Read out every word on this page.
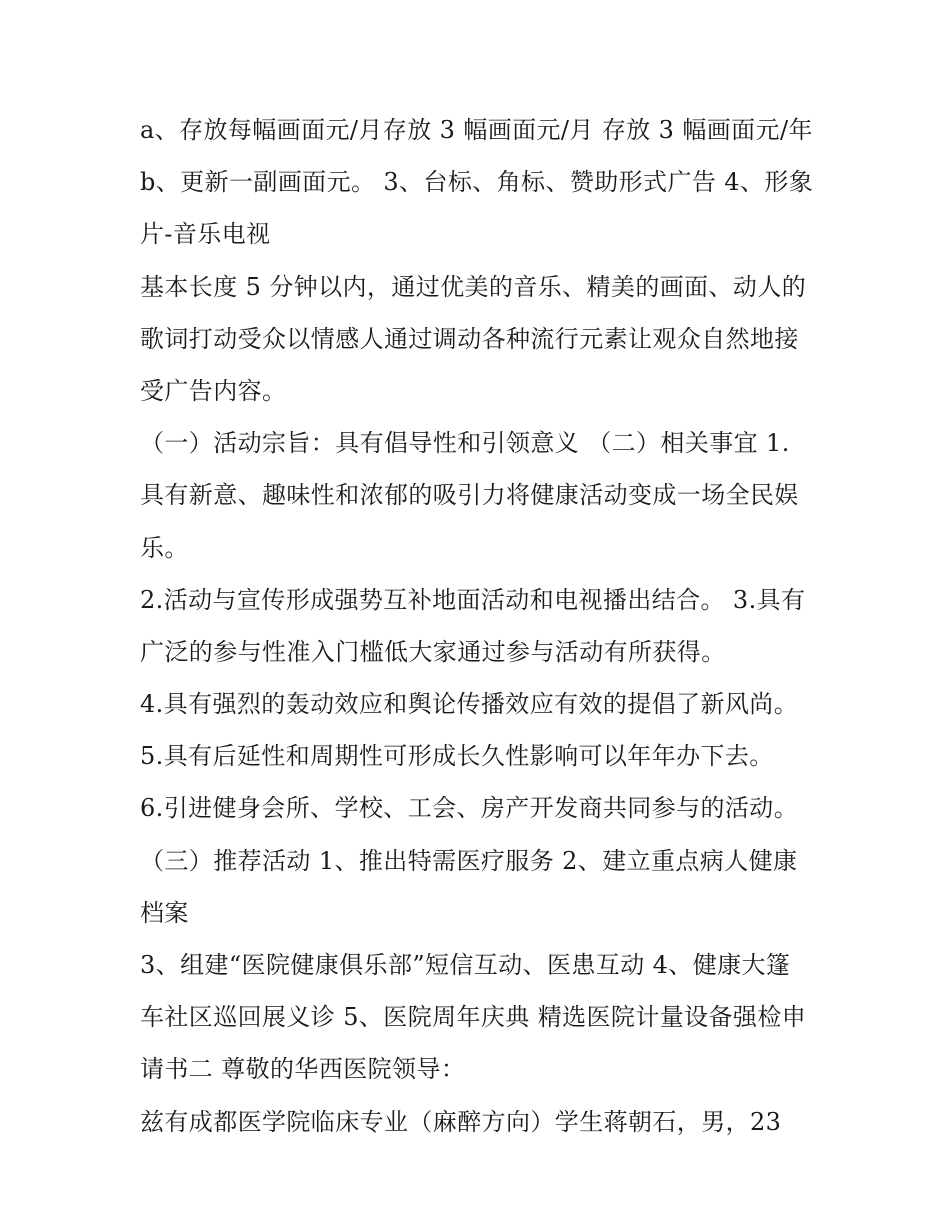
a、存放每幅画面元/月存放 3 幅画面元/月 存放 3 幅画面元/年
b、更新一副画面元。 3、台标、角标、赞助形式广告 4、形象
片-音乐电视
基本长度 5 分钟以内，通过优美的音乐、精美的画面、动人的
歌词打动受众以情感人通过调动各种流行元素让观众自然地接
受广告内容。
（一）活动宗旨：具有倡导性和引领意义 （二）相关事宜 1.
具有新意、趣味性和浓郁的吸引力将健康活动变成一场全民娱
乐。
2.活动与宣传形成强势互补地面活动和电视播出结合。 3.具有
广泛的参与性准入门槛低大家通过参与活动有所获得。
4.具有强烈的轰动效应和舆论传播效应有效的提倡了新风尚。
5.具有后延性和周期性可形成长久性影响可以年年办下去。
6.引进健身会所、学校、工会、房产开发商共同参与的活动。
（三）推荐活动 1、推出特需医疗服务 2、建立重点病人健康
档案
3、组建“医院健康俱乐部”短信互动、医患互动 4、健康大篷
车社区巡回展义诊 5、医院周年庆典 精选医院计量设备强检申
请书二 尊敬的华西医院领导：
兹有成都医学院临床专业（麻醉方向）学生蒋朝石，男，23
